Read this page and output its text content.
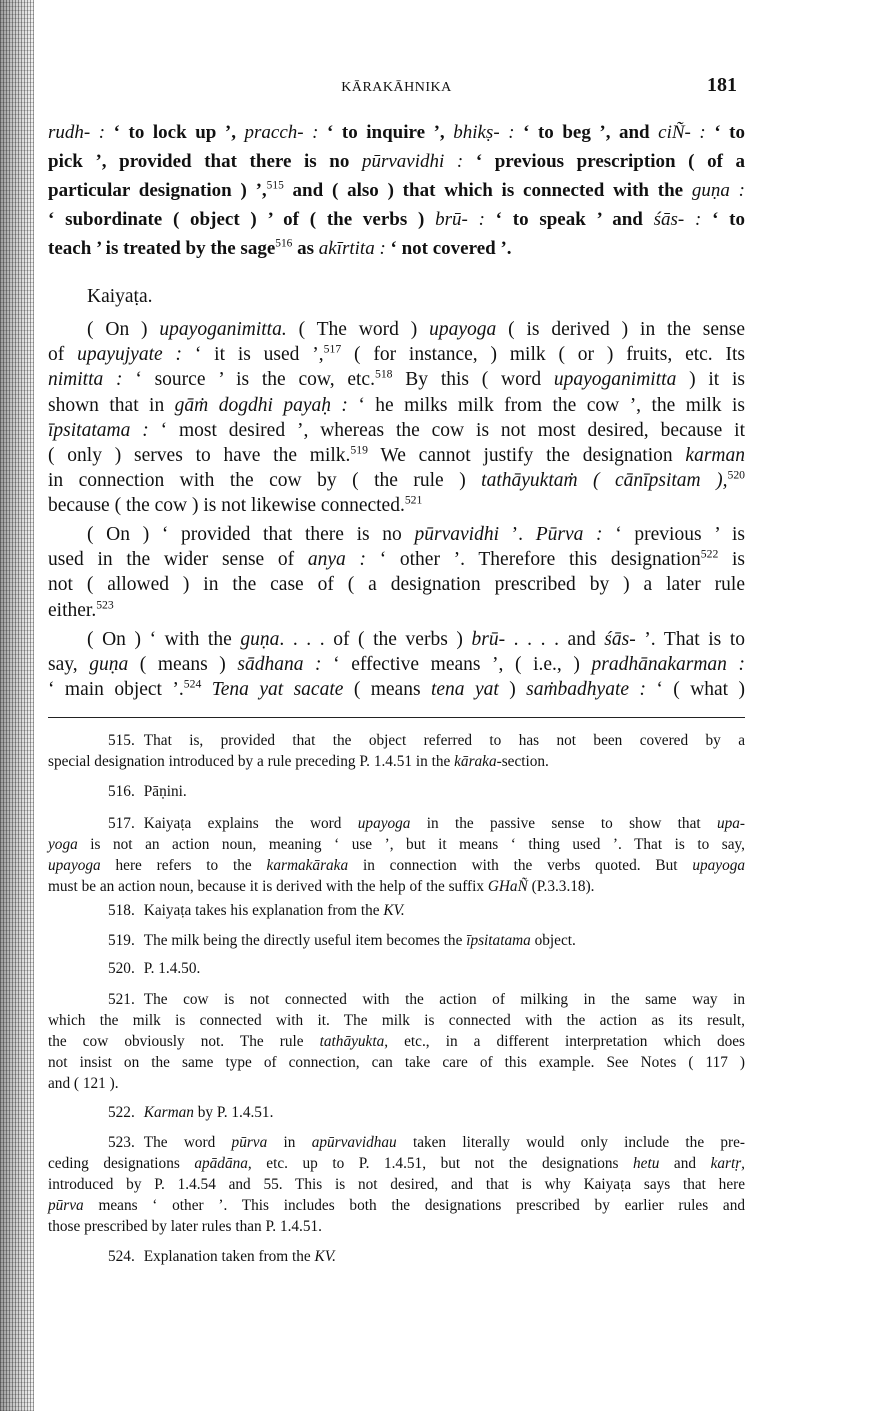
KĀRAKĀHNIKA	181
rudh- : ‘ to lock up ’, pracch- : ‘ to inquire ’, bhikṣ- : ‘ to beg ’, and ciÑ- : ‘ to
pick ’, provided that there is no pūrvavidhi : ‘ previous prescription ( of a
particular designation ) ’,$^{515}$ and ( also ) that which is connected with the guṇa :
‘ subordinate ( object ) ’ of ( the verbs ) brū- : ‘ to speak ’ and śās- : ‘ to
teach ’ is treated by the sage$^{516}$ as akīrtita : ‘ not covered ’.
Kaiyaṭa.
( On ) upayoganimitta. ( The word ) upayoga ( is derived ) in the sense
of upayujyate : ‘ it is used ’,$^{517}$ ( for instance, ) milk ( or ) fruits, etc. Its
nimitta : ‘ source ’ is the cow, etc.$^{518}$ By this ( word upayoganimitta ) it is
shown that in gāṁ dogdhi payaḥ : ‘ he milks milk from the cow ’, the milk is
īpsitatama : ‘ most desired ’, whereas the cow is not most desired, because it
( only ) serves to have the milk.$^{519}$ We cannot justify the designation karman
in connection with the cow by ( the rule ) tathāyuktaṁ ( cānīpsitam ),$^{520}$
because ( the cow ) is not likewise connected.$^{521}$
( On ) ‘ provided that there is no pūrvavidhi ’. Pūrva : ‘ previous ’ is
used in the wider sense of anya : ‘ other ’. Therefore this designation$^{522}$ is
not ( allowed ) in the case of ( a designation prescribed by ) a later rule
either.$^{523}$
( On ) ‘ with the guṇa. . . . of ( the verbs ) brū- . . . . and śās- ’. That is to
say, guṇa ( means ) sādhana : ‘ effective means ’, ( i.e., ) pradhānakarman :
‘ main object ’.$^{524}$ Tena yat sacate ( means tena yat ) saṁbadhyate : ‘ ( what )
515. That is, provided that the object referred to has not been covered by a
special designation introduced by a rule preceding P. 1.4.51 in the kāraka-section.
516. Pāṇini.
517. Kaiyaṭa explains the word upayoga in the passive sense to show that upa-
yoga is not an action noun, meaning ‘ use ’, but it means ‘ thing used ’. That is to say,
upayoga here refers to the karmakāraka in connection with the verbs quoted. But upayoga
must be an action noun, because it is derived with the help of the suffix GHaÑ (P.3.3.18).
518. Kaiyaṭa takes his explanation from the KV.
519. The milk being the directly useful item becomes the īpsitatama object.
520. P. 1.4.50.
521. The cow is not connected with the action of milking in the same way in
which the milk is connected with it. The milk is connected with the action as its result,
the cow obviously not. The rule tathāyukta, etc., in a different interpretation which does
not insist on the same type of connection, can take care of this example. See Notes ( 117 )
and ( 121 ).
522. Karman by P. 1.4.51.
523. The word pūrva in apūrvavidhau taken literally would only include the pre-
ceding designations apādāna, etc. up to P. 1.4.51, but not the designations hetu and kartṛ,
introduced by P. 1.4.54 and 55. This is not desired, and that is why Kaiyaṭa says that here
pūrva means ‘ other ’. This includes both the designations prescribed by earlier rules and
those prescribed by later rules than P. 1.4.51.
524. Explanation taken from the KV.
